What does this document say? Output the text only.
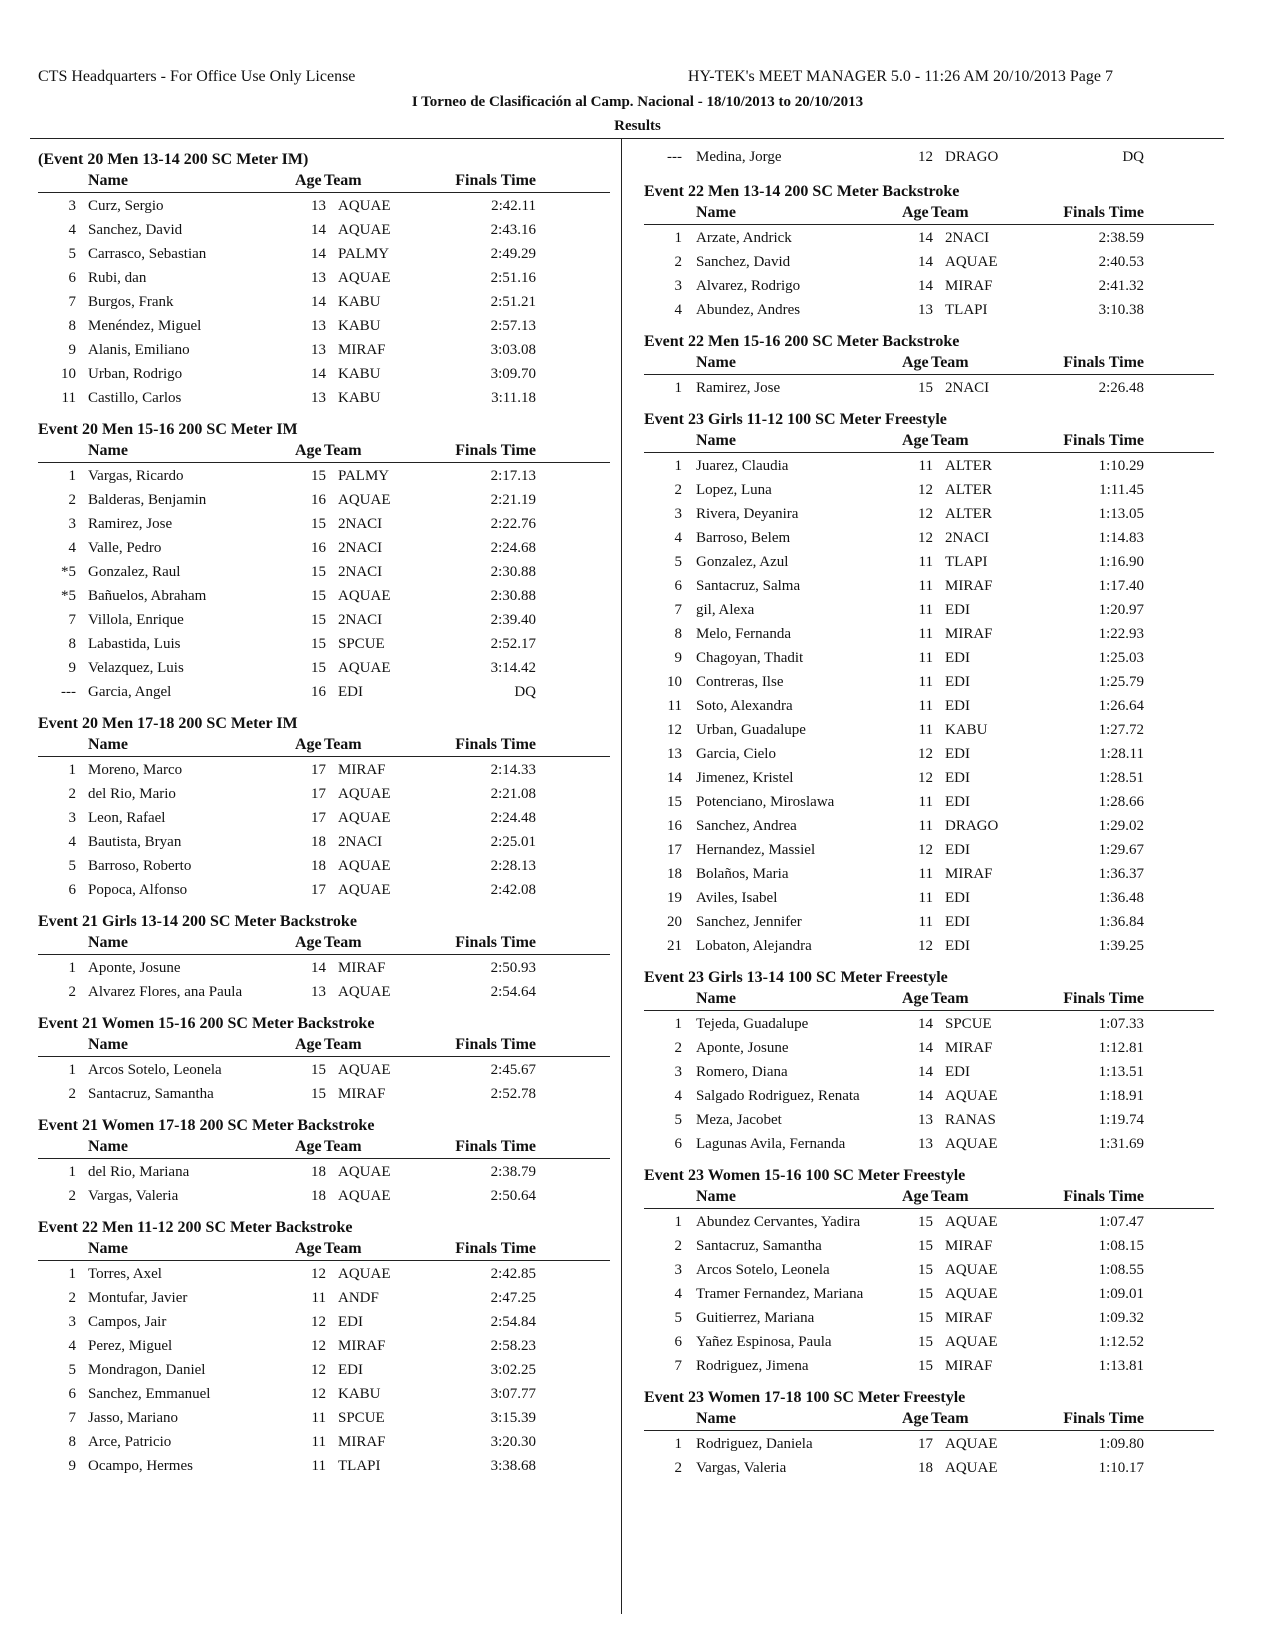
CTS Headquarters - For Office Use Only License	HY-TEK's MEET MANAGER 5.0 - 11:26 AM 20/10/2013 Page 7
I Torneo de Clasificación al Camp. Nacional - 18/10/2013 to 20/10/2013
Results
(Event 20 Men 13-14 200 SC Meter IM)
Name	Age Team	Finals Time
3 Curz, Sergio	13 AQUAE	2:42.11
4 Sanchez, David	14 AQUAE	2:43.16
5 Carrasco, Sebastian	14 PALMY	2:49.29
6 Rubi, dan	13 AQUAE	2:51.16
7 Burgos, Frank	14 KABU	2:51.21
8 Menéndez, Miguel	13 KABU	2:57.13
9 Alanis, Emiliano	13 MIRAF	3:03.08
10 Urban, Rodrigo	14 KABU	3:09.70
11 Castillo, Carlos	13 KABU	3:11.18
Event 20 Men 15-16 200 SC Meter IM
Name	Age Team	Finals Time
1 Vargas, Ricardo	15 PALMY	2:17.13
2 Balderas, Benjamin	16 AQUAE	2:21.19
3 Ramirez, Jose	15 2NACI	2:22.76
4 Valle, Pedro	16 2NACI	2:24.68
*5 Gonzalez, Raul	15 2NACI	2:30.88
*5 Bañuelos, Abraham	15 AQUAE	2:30.88
7 Villola, Enrique	15 2NACI	2:39.40
8 Labastida, Luis	15 SPCUE	2:52.17
9 Velazquez, Luis	15 AQUAE	3:14.42
--- Garcia, Angel	16 EDI	DQ
Event 20 Men 17-18 200 SC Meter IM
Name	Age Team	Finals Time
1 Moreno, Marco	17 MIRAF	2:14.33
2 del Rio, Mario	17 AQUAE	2:21.08
3 Leon, Rafael	17 AQUAE	2:24.48
4 Bautista, Bryan	18 2NACI	2:25.01
5 Barroso, Roberto	18 AQUAE	2:28.13
6 Popoca, Alfonso	17 AQUAE	2:42.08
Event 21 Girls 13-14 200 SC Meter Backstroke
Name	Age Team	Finals Time
1 Aponte, Josune	14 MIRAF	2:50.93
2 Alvarez Flores, ana Paula	13 AQUAE	2:54.64
Event 21 Women 15-16 200 SC Meter Backstroke
Name	Age Team	Finals Time
1 Arcos Sotelo, Leonela	15 AQUAE	2:45.67
2 Santacruz, Samantha	15 MIRAF	2:52.78
Event 21 Women 17-18 200 SC Meter Backstroke
Name	Age Team	Finals Time
1 del Rio, Mariana	18 AQUAE	2:38.79
2 Vargas, Valeria	18 AQUAE	2:50.64
Event 22 Men 11-12 200 SC Meter Backstroke
Name	Age Team	Finals Time
1 Torres, Axel	12 AQUAE	2:42.85
2 Montufar, Javier	11 ANDF	2:47.25
3 Campos, Jair	12 EDI	2:54.84
4 Perez, Miguel	12 MIRAF	2:58.23
5 Mondragon, Daniel	12 EDI	3:02.25
6 Sanchez, Emmanuel	12 KABU	3:07.77
7 Jasso, Mariano	11 SPCUE	3:15.39
8 Arce, Patricio	11 MIRAF	3:20.30
9 Ocampo, Hermes	11 TLAPI	3:38.68
--- Medina, Jorge	12 DRAGO	DQ
Event 22 Men 13-14 200 SC Meter Backstroke
Name	Age Team	Finals Time
1 Arzate, Andrick	14 2NACI	2:38.59
2 Sanchez, David	14 AQUAE	2:40.53
3 Alvarez, Rodrigo	14 MIRAF	2:41.32
4 Abundez, Andres	13 TLAPI	3:10.38
Event 22 Men 15-16 200 SC Meter Backstroke
Name	Age Team	Finals Time
1 Ramirez, Jose	15 2NACI	2:26.48
Event 23 Girls 11-12 100 SC Meter Freestyle
Name	Age Team	Finals Time
1 Juarez, Claudia	11 ALTER	1:10.29
2 Lopez, Luna	12 ALTER	1:11.45
3 Rivera, Deyanira	12 ALTER	1:13.05
4 Barroso, Belem	12 2NACI	1:14.83
5 Gonzalez, Azul	11 TLAPI	1:16.90
6 Santacruz, Salma	11 MIRAF	1:17.40
7 gil, Alexa	11 EDI	1:20.97
8 Melo, Fernanda	11 MIRAF	1:22.93
9 Chagoyan, Thadit	11 EDI	1:25.03
10 Contreras, Ilse	11 EDI	1:25.79
11 Soto, Alexandra	11 EDI	1:26.64
12 Urban, Guadalupe	11 KABU	1:27.72
13 Garcia, Cielo	12 EDI	1:28.11
14 Jimenez, Kristel	12 EDI	1:28.51
15 Potenciano, Miroslawa	11 EDI	1:28.66
16 Sanchez, Andrea	11 DRAGO	1:29.02
17 Hernandez, Massiel	12 EDI	1:29.67
18 Bolaños, Maria	11 MIRAF	1:36.37
19 Aviles, Isabel	11 EDI	1:36.48
20 Sanchez, Jennifer	11 EDI	1:36.84
21 Lobaton, Alejandra	12 EDI	1:39.25
Event 23 Girls 13-14 100 SC Meter Freestyle
Name	Age Team	Finals Time
1 Tejeda, Guadalupe	14 SPCUE	1:07.33
2 Aponte, Josune	14 MIRAF	1:12.81
3 Romero, Diana	14 EDI	1:13.51
4 Salgado Rodriguez, Renata	14 AQUAE	1:18.91
5 Meza, Jacobet	13 RANAS	1:19.74
6 Lagunas Avila, Fernanda	13 AQUAE	1:31.69
Event 23 Women 15-16 100 SC Meter Freestyle
Name	Age Team	Finals Time
1 Abundez Cervantes, Yadira	15 AQUAE	1:07.47
2 Santacruz, Samantha	15 MIRAF	1:08.15
3 Arcos Sotelo, Leonela	15 AQUAE	1:08.55
4 Tramer Fernandez, Mariana	15 AQUAE	1:09.01
5 Guitierrez, Mariana	15 MIRAF	1:09.32
6 Yañez Espinosa, Paula	15 AQUAE	1:12.52
7 Rodriguez, Jimena	15 MIRAF	1:13.81
Event 23 Women 17-18 100 SC Meter Freestyle
Name	Age Team	Finals Time
1 Rodriguez, Daniela	17 AQUAE	1:09.80
2 Vargas, Valeria	18 AQUAE	1:10.17
